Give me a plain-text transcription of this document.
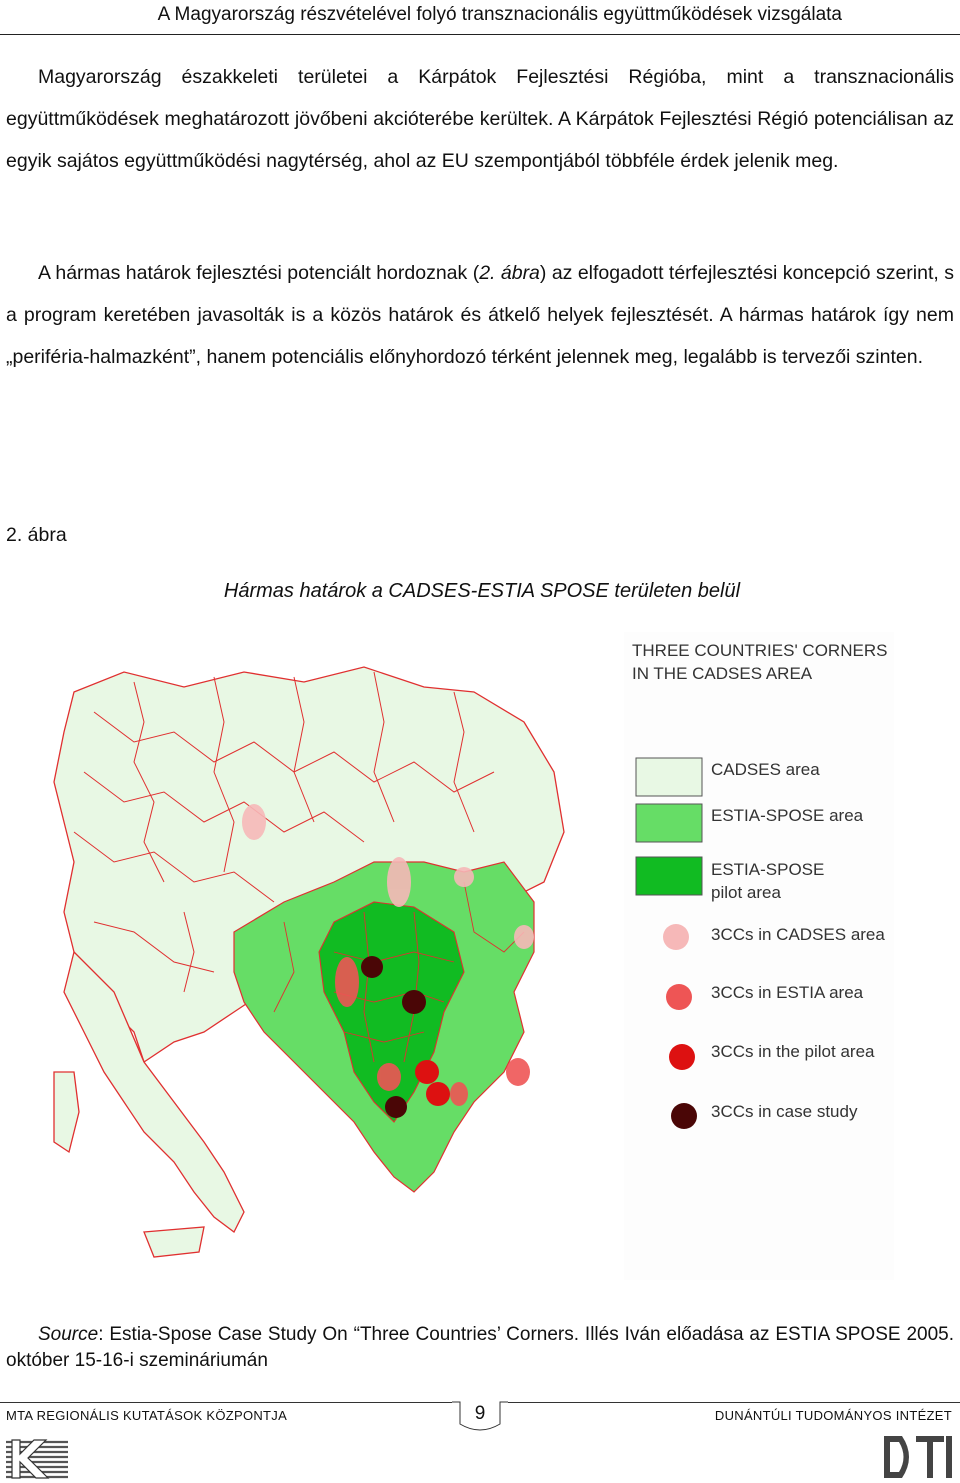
A Magyarország részvételével folyó transznacionális együttműködések vizsgálata

Magyarország északkeleti területei a Kárpátok Fejlesztési Régióba, mint a transznacionális együttműködések meghatározott jövőbeni akcióterébe kerültek. A Kárpátok Fejlesztési Régió potenciálisan az egyik sajátos együttműködési nagytérség, ahol az EU szempontjából többféle érdek jelenik meg.

A hármas határok fejlesztési potenciált hordoznak (2. ábra) az elfogadott térfejlesztési koncepció szerint, s a program keretében javasolták is a közös határok és átkelő helyek fejlesztését. A hármas határok így nem „periféria-halmazként”, hanem potenciális előnyhordozó térként jelennek meg, legalább is tervezői szinten.

2. ábra
Hármas határok a CADSES-ESTIA SPOSE területen belül
THREE COUNTRIES' CORNERS
IN THE CADSES AREA
CADSES area
ESTIA-SPOSE area
ESTIA-SPOSE
pilot area
3CCs in CADSES area
3CCs in ESTIA area
3CCs in the pilot area
3CCs in case study

Source: Estia-Spose Case Study On “Three Countries’ Corners. Illés Iván előadása az ESTIA SPOSE 2005. október 15-16-i szemináriumán

MTA REGIONÁLIS KUTATÁSOK KÖZPONTJA	9	DUNÁNTÚLI TUDOMÁNYOS INTÉZET
